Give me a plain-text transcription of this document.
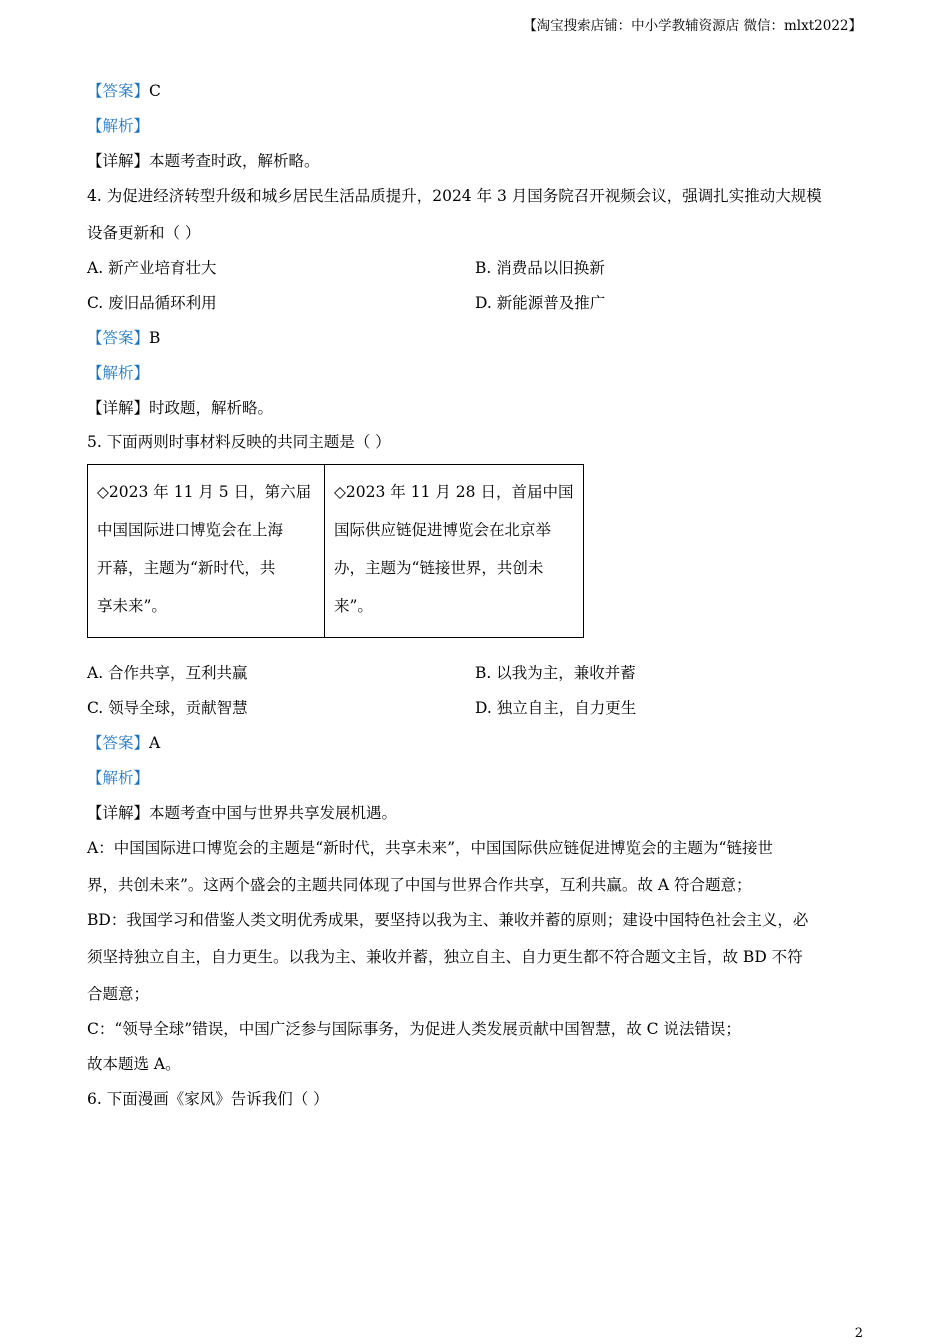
【淘宝搜索店铺：中小学教辅资源店 微信：mlxt2022】
【答案】C
【解析】
【详解】本题考查时政，解析略。
4. 为促进经济转型升级和城乡居民生活品质提升，2024 年 3 月国务院召开视频会议，强调扎实推动大规模
设备更新和（ ）
A. 新产业培育壮大	B. 消费品以旧换新
C. 废旧品循环利用	D. 新能源普及推广
【答案】B
【解析】
【详解】时政题，解析略。
5. 下面两则时事材料反映的共同主题是（ ）
◇2023 年 11 月 5 日，第六届
中国国际进口博览会在上海
开幕，主题为“新时代，共
享未来”。

◇2023 年 11 月 28 日，首届中国
国际供应链促进博览会在北京举
办，主题为“链接世界，共创未
来”。
A. 合作共享，互利共赢	B. 以我为主，兼收并蓄
C. 领导全球，贡献智慧	D. 独立自主，自力更生
【答案】A
【解析】
【详解】本题考查中国与世界共享发展机遇。
A：中国国际进口博览会的主题是“新时代，共享未来”，中国国际供应链促进博览会的主题为“链接世
界，共创未来”。这两个盛会的主题共同体现了中国与世界合作共享，互利共赢。故 A 符合题意；
BD：我国学习和借鉴人类文明优秀成果，要坚持以我为主、兼收并蓄的原则；建设中国特色社会主义，必
须坚持独立自主，自力更生。以我为主、兼收并蓄，独立自主、自力更生都不符合题文主旨，故 BD 不符
合题意；
C：“领导全球”错误，中国广泛参与国际事务，为促进人类发展贡献中国智慧，故 C 说法错误；
故本题选 A。
6. 下面漫画《家风》告诉我们（ ）
2
